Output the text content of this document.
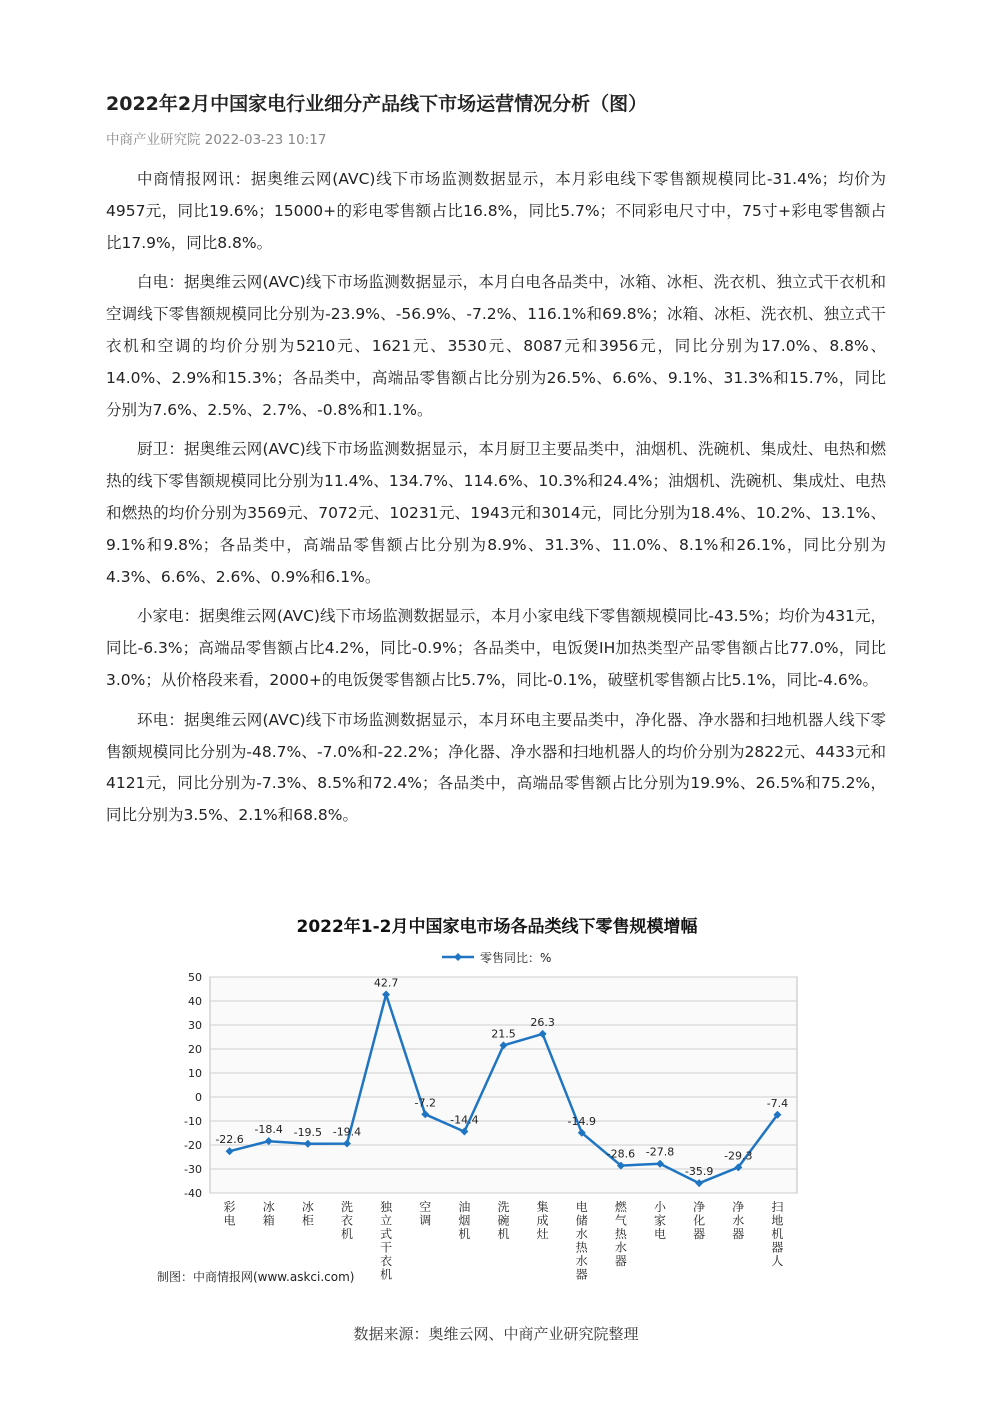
2022年2月中国家电行业细分产品线下市场运营情况分析（图）
中商产业研究院 2022-03-23 10:17

中商情报网讯：据奥维云网(AVC)线下市场监测数据显示，本月彩电线下零售额规模同比-31.4%；均价为4957元，同比19.6%；15000+的彩电零售额占比16.8%，同比5.7%；不同彩电尺寸中，75寸+彩电零售额占比17.9%，同比8.8%。

白电：据奥维云网(AVC)线下市场监测数据显示，本月白电各品类中，冰箱、冰柜、洗衣机、独立式干衣机和空调线下零售额规模同比分别为-23.9%、-56.9%、-7.2%、116.1%和69.8%；冰箱、冰柜、洗衣机、独立式干衣机和空调的均价分别为5210元、1621元、3530元、8087元和3956元，同比分别为17.0%、8.8%、14.0%、2.9%和15.3%；各品类中，高端品零售额占比分别为26.5%、6.6%、9.1%、31.3%和15.7%，同比分别为7.6%、2.5%、2.7%、-0.8%和1.1%。

厨卫：据奥维云网(AVC)线下市场监测数据显示，本月厨卫主要品类中，油烟机、洗碗机、集成灶、电热和燃热的线下零售额规模同比分别为11.4%、134.7%、114.6%、10.3%和24.4%；油烟机、洗碗机、集成灶、电热和燃热的均价分别为3569元、7072元、10231元、1943元和3014元，同比分别为18.4%、10.2%、13.1%、9.1%和9.8%；各品类中，高端品零售额占比分别为8.9%、31.3%、11.0%、8.1%和26.1%，同比分别为4.3%、6.6%、2.6%、0.9%和6.1%。

小家电：据奥维云网(AVC)线下市场监测数据显示，本月小家电线下零售额规模同比-43.5%；均价为431元，同比-6.3%；高端品零售额占比4.2%，同比-0.9%；各品类中，电饭煲IH加热类型产品零售额占比77.0%，同比3.0%；从价格段来看，2000+的电饭煲零售额占比5.7%，同比-0.1%，破壁机零售额占比5.1%，同比-4.6%。

环电：据奥维云网(AVC)线下市场监测数据显示，本月环电主要品类中，净化器、净水器和扫地机器人线下零售额规模同比分别为-48.7%、-7.0%和-22.2%；净化器、净水器和扫地机器人的均价分别为2822元、4433元和4121元，同比分别为-7.3%、8.5%和72.4%；各品类中，高端品零售额占比分别为19.9%、26.5%和75.2%，同比分别为3.5%、2.1%和68.8%。

2022年1-2月中国家电市场各品类线下零售规模增幅
零售同比：%
50
40
30
20
10
0
-10
-20
-30
-40
彩电
冰箱
冰柜
洗衣机
独立式干衣机
空调
油烟机
洗碗机
集成灶
电储水热水器
燃气热水器
小家电
净化器
净水器
扫地机器人
-22.6
-18.4 -19.5 -19.4
42.7
-7.2
-14.4
21.5
26.3
-14.9
-28.6 -27.8
-35.9
-29.3
-7.4
制图：中商情报网(www.askci.com)
数据来源：奥维云网、中商产业研究院整理
